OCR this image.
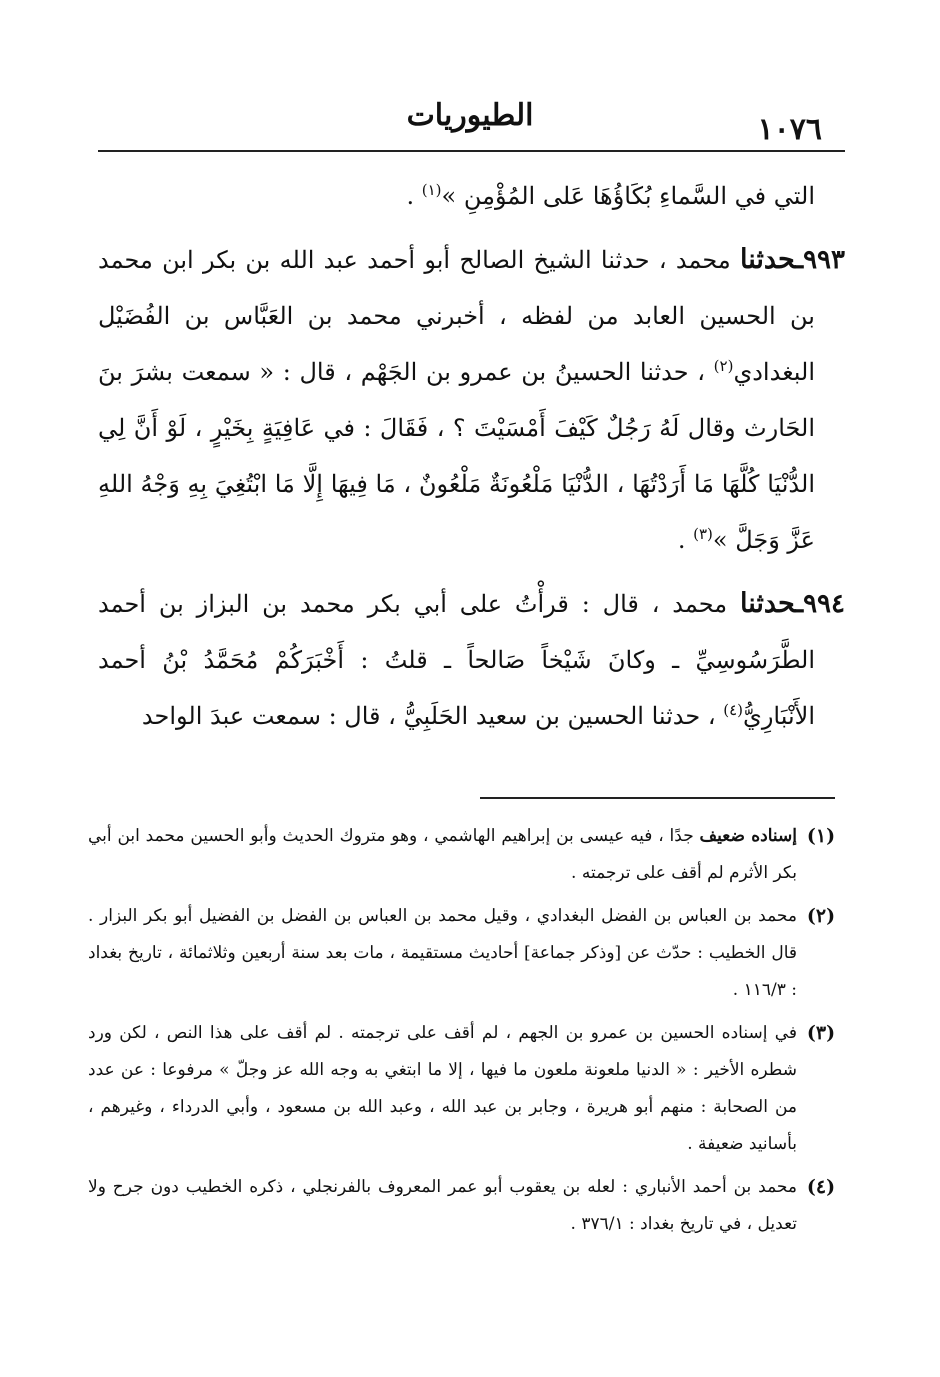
الطيوريات	١٠٧٦

التي في السَّماءِ بُكَاؤُهَا عَلى المُؤْمِنِ »$^{(١)}$ .

٩٩٣ـحدثنا محمد ، حدثنا الشيخ الصالح أبو أحمد عبد الله بن بكر ابن محمد بن الحسين العابد من لفظه ، أخبرني محمد بن العَبَّاس بن الفُضَيْل البغدادي$^{(٢)}$ ، حدثنا الحسينُ بن عمرو بن الجَهْم ، قال : « سمعت بشرَ بنَ الحَارث وقال لَهُ رَجُلٌ كَيْفَ أَمْسَيْتَ ؟ ، فَقَالَ : في عَافِيَةٍ بِخَيْرٍ ، لَوْ أَنَّ لِي الدُّنْيَا كُلَّهَا مَا أَرَدْتُهَا ، الدُّنْيَا مَلْعُونَةٌ مَلْعُونٌ ، مَا فِيهَا إِلَّا مَا ابْتُغِيَ بِهِ وَجْهُ اللهِ عَزَّ وَجَلَّ »$^{(٣)}$ .

٩٩٤ـحدثنا محمد ، قال : قرأْتُ على أبي بكر محمد بن البزاز بن أحمد الطَّرَسُوسِيِّ ـ وكانَ شَيْخاً صَالحاً ـ قلتُ : أَخْبَرَكُمْ مُحَمَّدُ بْنُ أحمد الأَنْبَارِيُّ$^{(٤)}$ ، حدثنا الحسين بن سعيد الحَلَبِيُّ ، قال : سمعت عبدَ الواحد

(١)
إسناده ضعيف جدًا ، فيه عيسى بن إبراهيم الهاشمي ، وهو متروك الحديث وأبو الحسين محمد ابن أبي بكر الأثرم لم أقف على ترجمته .
(٢)
محمد بن العباس بن الفضل البغدادي ، وقيل محمد بن العباس بن الفضل بن الفضيل أبو بكر البزار . قال الخطيب : حدّث عن [وذكر جماعة] أحاديث مستقيمة ، مات بعد سنة أربعين وثلاثمائة ، تاريخ بغداد : ١١٦/٣ .
(٣)
في إسناده الحسين بن عمرو بن الجهم ، لم أقف على ترجمته . لم أقف على هذا النص ، لكن ورد شطره الأخير : « الدنيا ملعونة ملعون ما فيها ، إلا ما ابتغي به وجه الله عز وجلّ » مرفوعا : عن عدد من الصحابة : منهم أبو هريرة ، وجابر بن عبد الله ، وعبد الله بن مسعود ، وأبي الدرداء ، وغيرهم ، بأسانيد ضعيفة .
(٤)
محمد بن أحمد الأنباري : لعله بن يعقوب أبو عمر المعروف بالفرنجلي ، ذكره الخطيب دون جرح ولا تعديل ، في تاريخ بغداد : ٣٧٦/١ .
